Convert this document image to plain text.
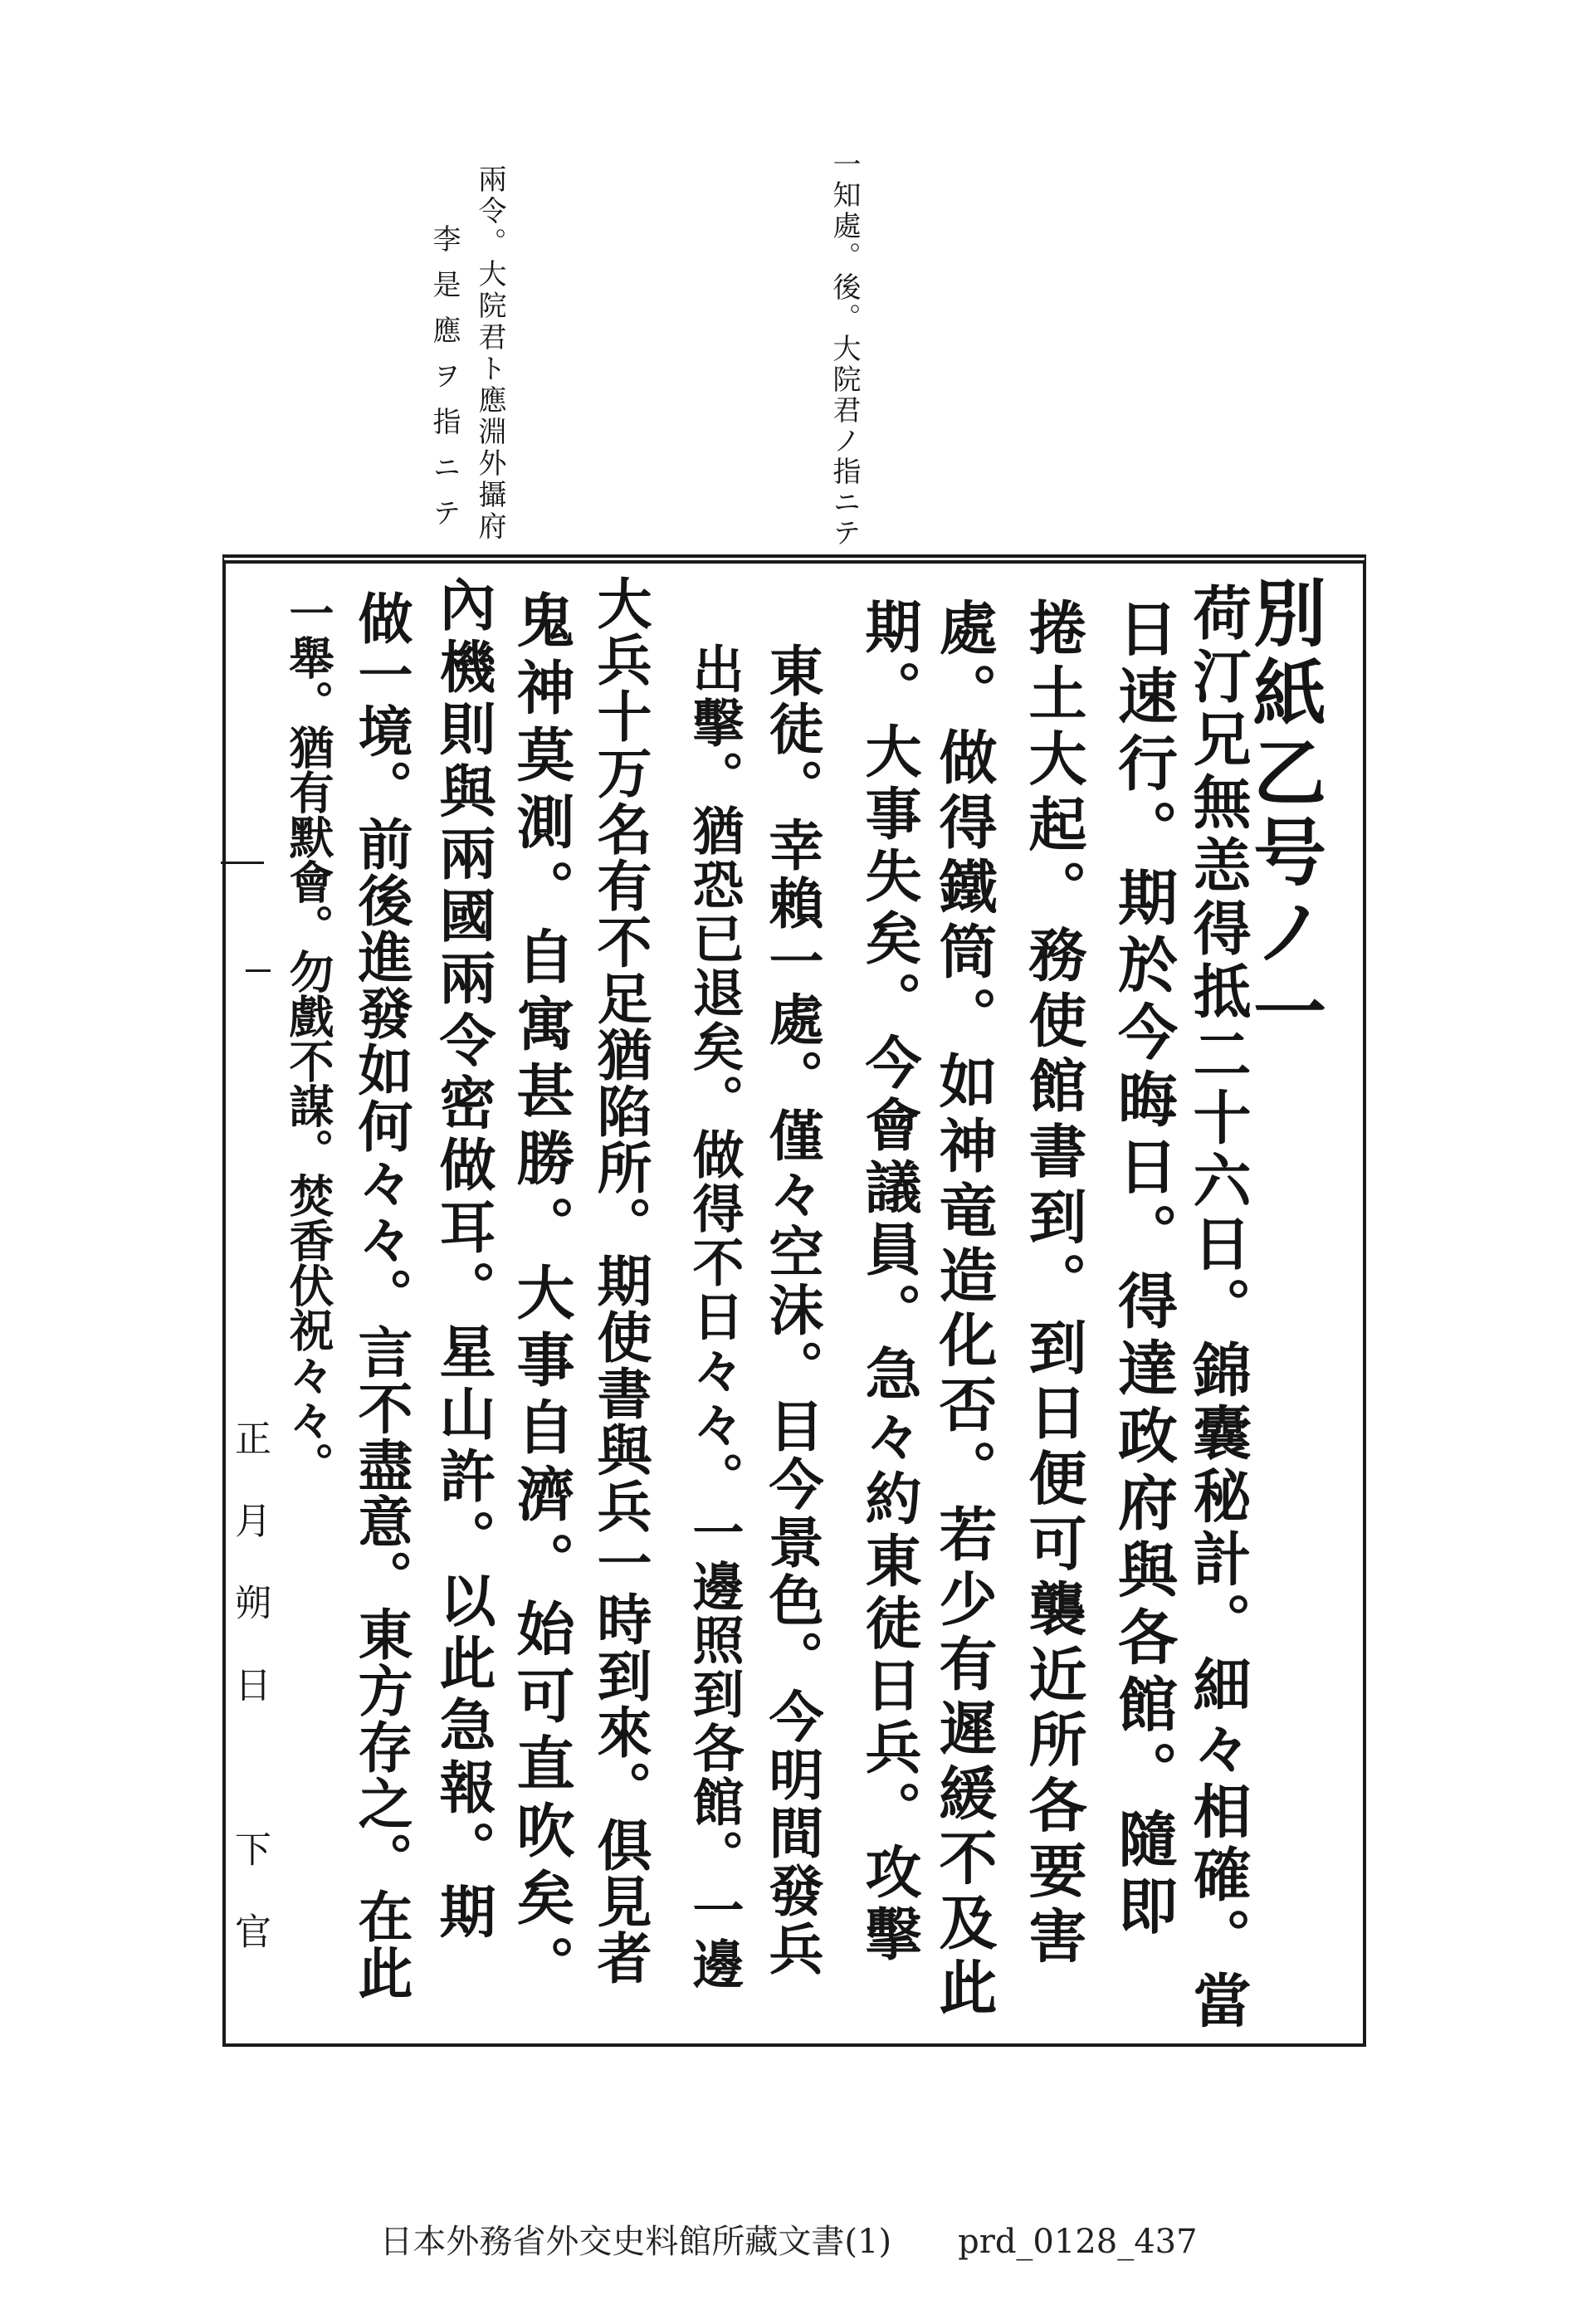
一知處。後。大院君ノ指ニテ
兩令。大院君ト應淵外攝府
李是應ヲ指ニテ
別紙乙号ノ一
荷汀兄無恙得抵二十六日。錦囊秘計。細々相確。當
日速行。期於今晦日。得達政府與各館。隨即
捲土大起。務使館書到。到日便可襲近所各要害
處。做得鐵筒。如神竜造化否。若少有遲緩不及此
期。大事失矣。今會議員。急々約東徒日兵。攻擊
東徒。幸賴一處。僅々空沫。目今景色。今明間發兵
出擊。猶恐已退矣。做得不日々々。一邊照到各館。一邊
大兵十万名有不足猶陷所。期使書與兵一時到來。俱見者
鬼神莫測。自寓甚勝。大事自濟。始可直吹矣。
內機則與兩國兩令密做耳。星山許。以此急報。期
做一境。前後進發如何々々。言不盡意。東方存之。在此
一舉。猶有默會。勿戲不謀。焚香伏祝々々。
正月朔日　下官
日本外務省外交史料館所藏文書(1) prd_0128_437
